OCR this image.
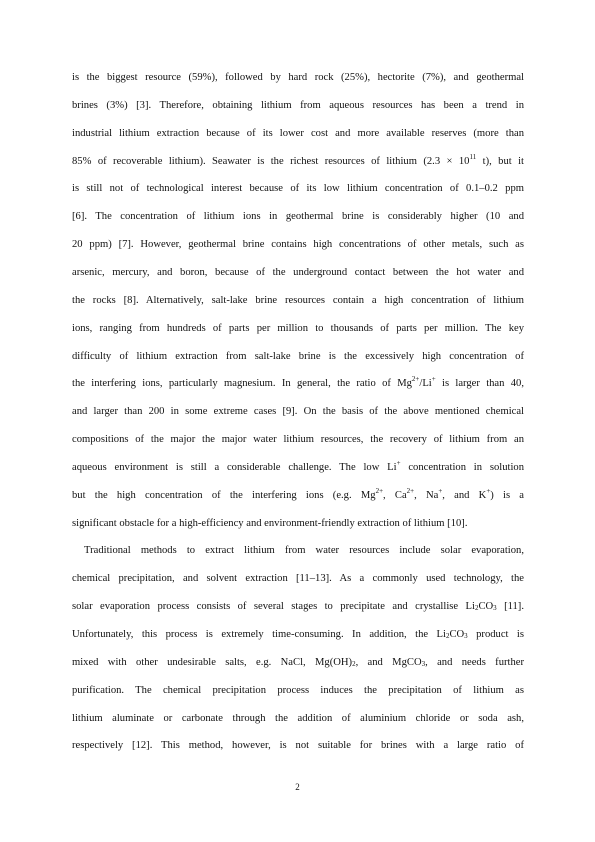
is the biggest resource (59%), followed by hard rock (25%), hectorite (7%), and geothermal
brines (3%) [3]. Therefore, obtaining lithium from aqueous resources has been a trend in
industrial lithium extraction because of its lower cost and more available reserves (more than
85% of recoverable lithium). Seawater is the richest resources of lithium ($2.3 \times 10^{11}$ t), but it
is still not of technological interest because of its low lithium concentration of 0.1–0.2 ppm
[6]. The concentration of lithium ions in geothermal brine is considerably higher (10 and
20 ppm) [7]. However, geothermal brine contains high concentrations of other metals, such as
arsenic, mercury, and boron, because of the underground contact between the hot water and
the rocks [8]. Alternatively, salt-lake brine resources contain a high concentration of lithium
ions, ranging from hundreds of parts per million to thousands of parts per million. The key
difficulty of lithium extraction from salt-lake brine is the excessively high concentration of
the interfering ions, particularly magnesium. In general, the ratio of $Mg^{2+}/Li^+$ is larger than 40,
and larger than 200 in some extreme cases [9]. On the basis of the above mentioned chemical
compositions of the major the major water lithium resources, the recovery of lithium from an
aqueous environment is still a considerable challenge. The low Li+ concentration in solution
but the high concentration of the interfering ions (e.g. $Mg^{2+}$, $Ca^{2+}$, Na+, and K+) is a
significant obstacle for a high-efficiency and environment-friendly extraction of lithium [10].
Traditional methods to extract lithium from water resources include solar evaporation,
chemical precipitation, and solvent extraction [11–13]. As a commonly used technology, the
solar evaporation process consists of several stages to precipitate and crystallise $Li_2CO_3$ [11].
Unfortunately, this process is extremely time-consuming. In addition, the $Li_2CO_3$ product is
mixed with other undesirable salts, e.g. NaCl, $Mg(OH)_2$, and MgCO$_3$, and needs further
purification. The chemical precipitation process induces the precipitation of lithium as
lithium aluminate or carbonate through the addition of aluminium chloride or soda ash,
respectively [12]. This method, however, is not suitable for brines with a large ratio of
2
